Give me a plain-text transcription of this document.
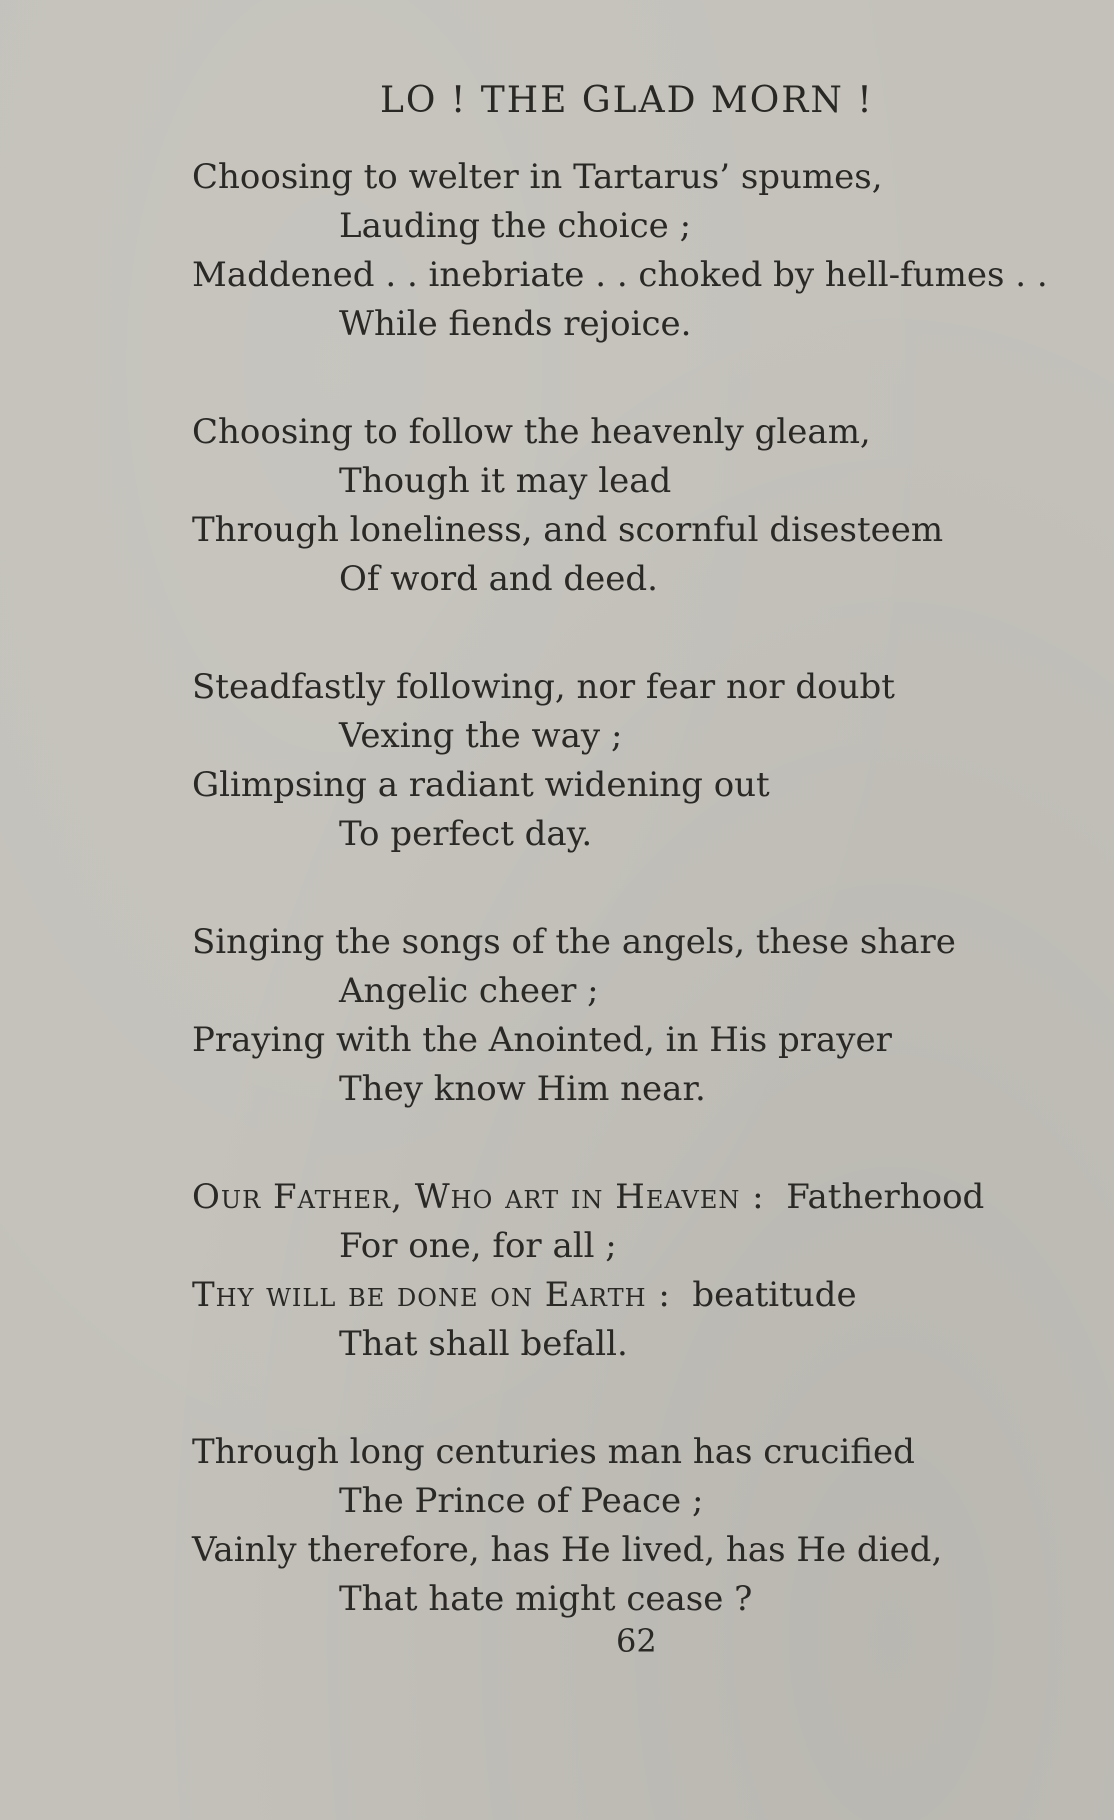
LO ! THE GLAD MORN !
Choosing to welter in Tartarus’ spumes,
Lauding the choice ;
Maddened . . inebriate . . choked by hell-fumes . .
While fiends rejoice.
Choosing to follow the heavenly gleam,
Though it may lead
Through loneliness, and scornful disesteem
Of word and deed.
Steadfastly following, nor fear nor doubt
Vexing the way ;
Glimpsing a radiant widening out
To perfect day.
Singing the songs of the angels, these share
Angelic cheer ;
Praying with the Anointed, in His prayer
They know Him near.
Our Father, Who art in Heaven : Fatherhood
For one, for all ;
Thy will be done on Earth : beatitude
That shall befall.
Through long centuries man has crucified
The Prince of Peace ;
Vainly therefore, has He lived, has He died,
That hate might cease ?
62
